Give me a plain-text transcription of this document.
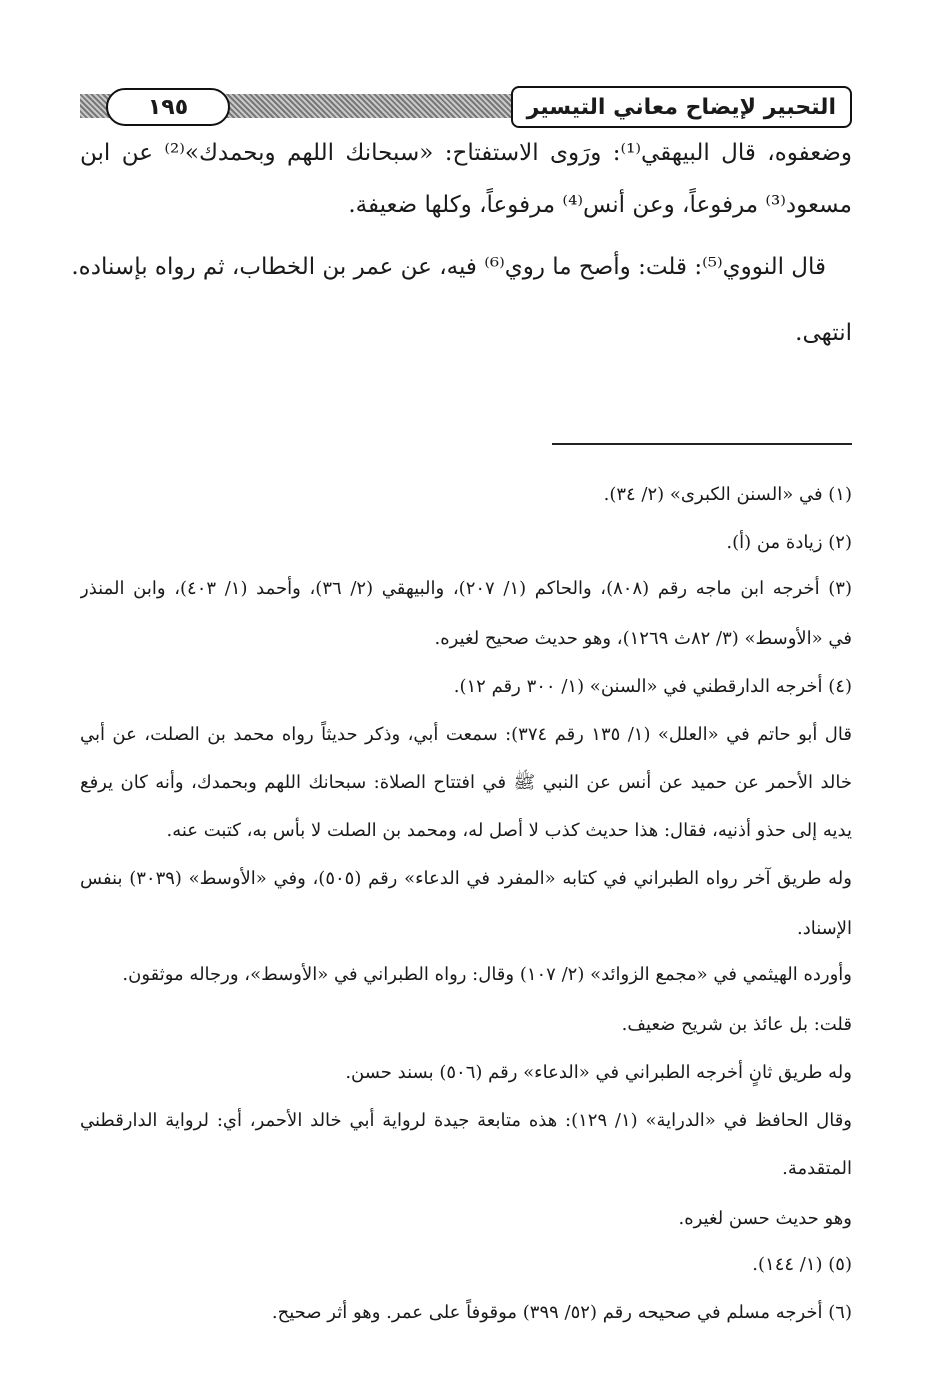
التحبير لإيضاح معاني التيسير
١٩٥
وضعفوه، قال البيهقي⁽¹⁾: ورَوى الاستفتاح: «سبحانك اللهم وبحمدك»⁽²⁾ عن ابن
مسعود⁽³⁾ مرفوعاً، وعن أنس⁽⁴⁾ مرفوعاً، وكلها ضعيفة.
قال النووي⁽⁵⁾: قلت: وأصح ما روي⁽⁶⁾ فيه، عن عمر بن الخطاب، ثم رواه بإسناده.
انتهى.
(١) في «السنن الكبرى» (٢/ ٣٤).
(٢) زيادة من (أ).
(٣) أخرجه ابن ماجه رقم (٨٠٨)، والحاكم (١/ ٢٠٧)، والبيهقي (٢/ ٣٦)، وأحمد (١/ ٤٠٣)، وابن المنذر
في «الأوسط» (٣/ ٨٢ث ١٢٦٩)، وهو حديث صحيح لغيره.
(٤) أخرجه الدارقطني في «السنن» (١/ ٣٠٠ رقم ١٢).
قال أبو حاتم في «العلل» (١/ ١٣٥ رقم ٣٧٤): سمعت أبي، وذكر حديثاً رواه محمد بن الصلت، عن أبي
خالد الأحمر عن حميد عن أنس عن النبي ﷺ في افتتاح الصلاة: سبحانك اللهم وبحمدك، وأنه كان يرفع
يديه إلى حذو أذنيه، فقال: هذا حديث كذب لا أصل له، ومحمد بن الصلت لا بأس به، كتبت عنه.
وله طريق آخر رواه الطبراني في كتابه «المفرد في الدعاء» رقم (٥٠٥)، وفي «الأوسط» (٣٠٣٩) بنفس
الإسناد.
وأورده الهيثمي في «مجمع الزوائد» (٢/ ١٠٧) وقال: رواه الطبراني في «الأوسط»، ورجاله موثقون.
قلت: بل عائذ بن شريح ضعيف.
وله طريق ثانٍ أخرجه الطبراني في «الدعاء» رقم (٥٠٦) بسند حسن.
وقال الحافظ في «الدراية» (١/ ١٢٩): هذه متابعة جيدة لرواية أبي خالد الأحمر، أي: لرواية الدارقطني
المتقدمة.
وهو حديث حسن لغيره.
(٥) (١/ ١٤٤).
(٦) أخرجه مسلم في صحيحه رقم (٥٢/ ٣٩٩) موقوفاً على عمر. وهو أثر صحيح.
